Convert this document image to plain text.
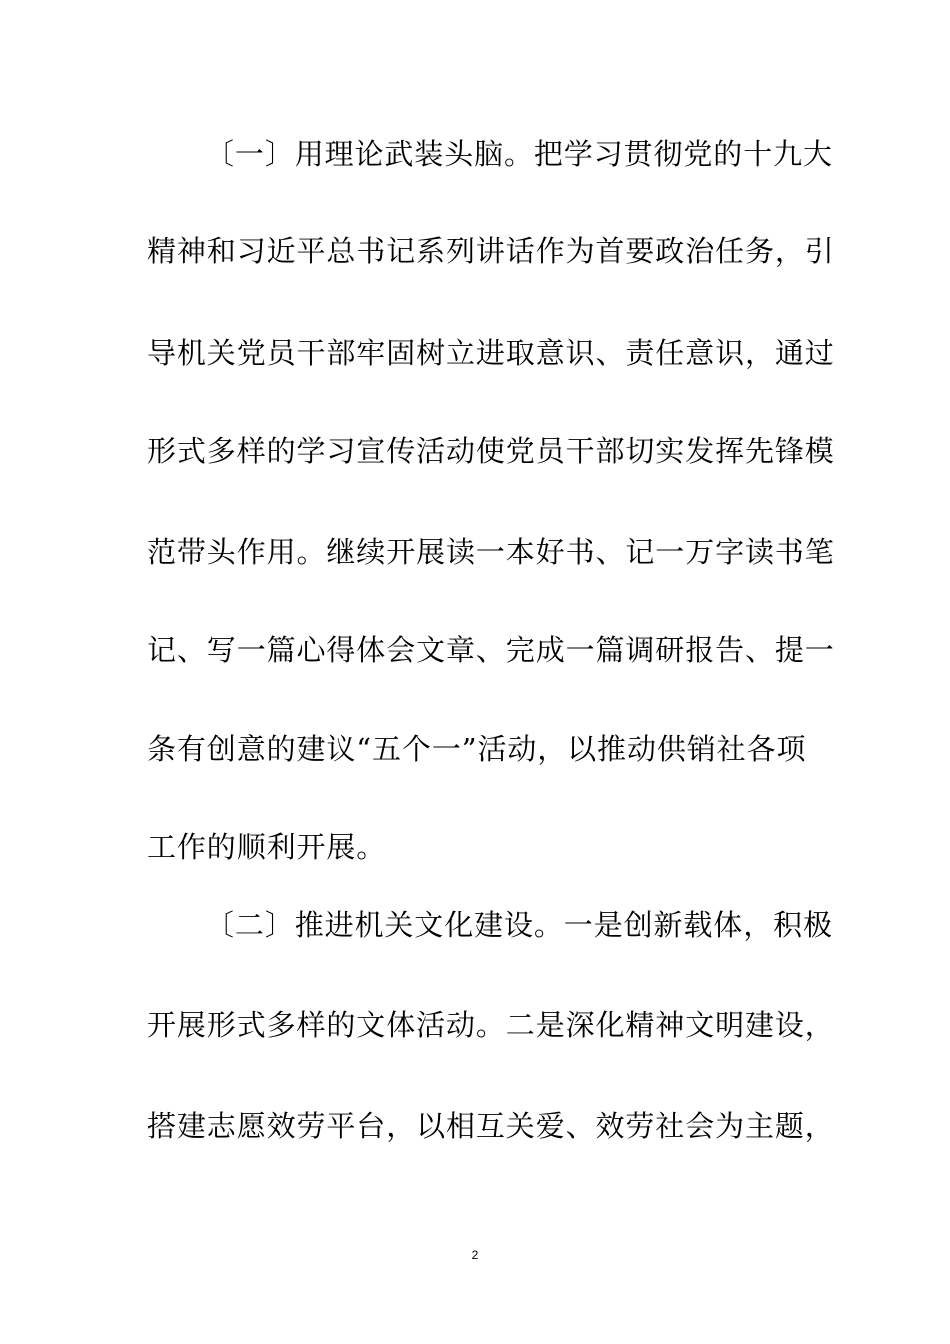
〔一〕用理论武装头脑。把学习贯彻党的十九大
精神和习近平总书记系列讲话作为首要政治任务，引
导机关党员干部牢固树立进取意识、责任意识，通过
形式多样的学习宣传活动使党员干部切实发挥先锋模
范带头作用。继续开展读一本好书、记一万字读书笔
记、写一篇心得体会文章、完成一篇调研报告、提一
条有创意的建议“五个一”活动，以推动供销社各项
工作的顺利开展。
〔二〕推进机关文化建设。一是创新载体，积极
开展形式多样的文体活动。二是深化精神文明建设，
搭建志愿效劳平台，以相互关爱、效劳社会为主题，
2
